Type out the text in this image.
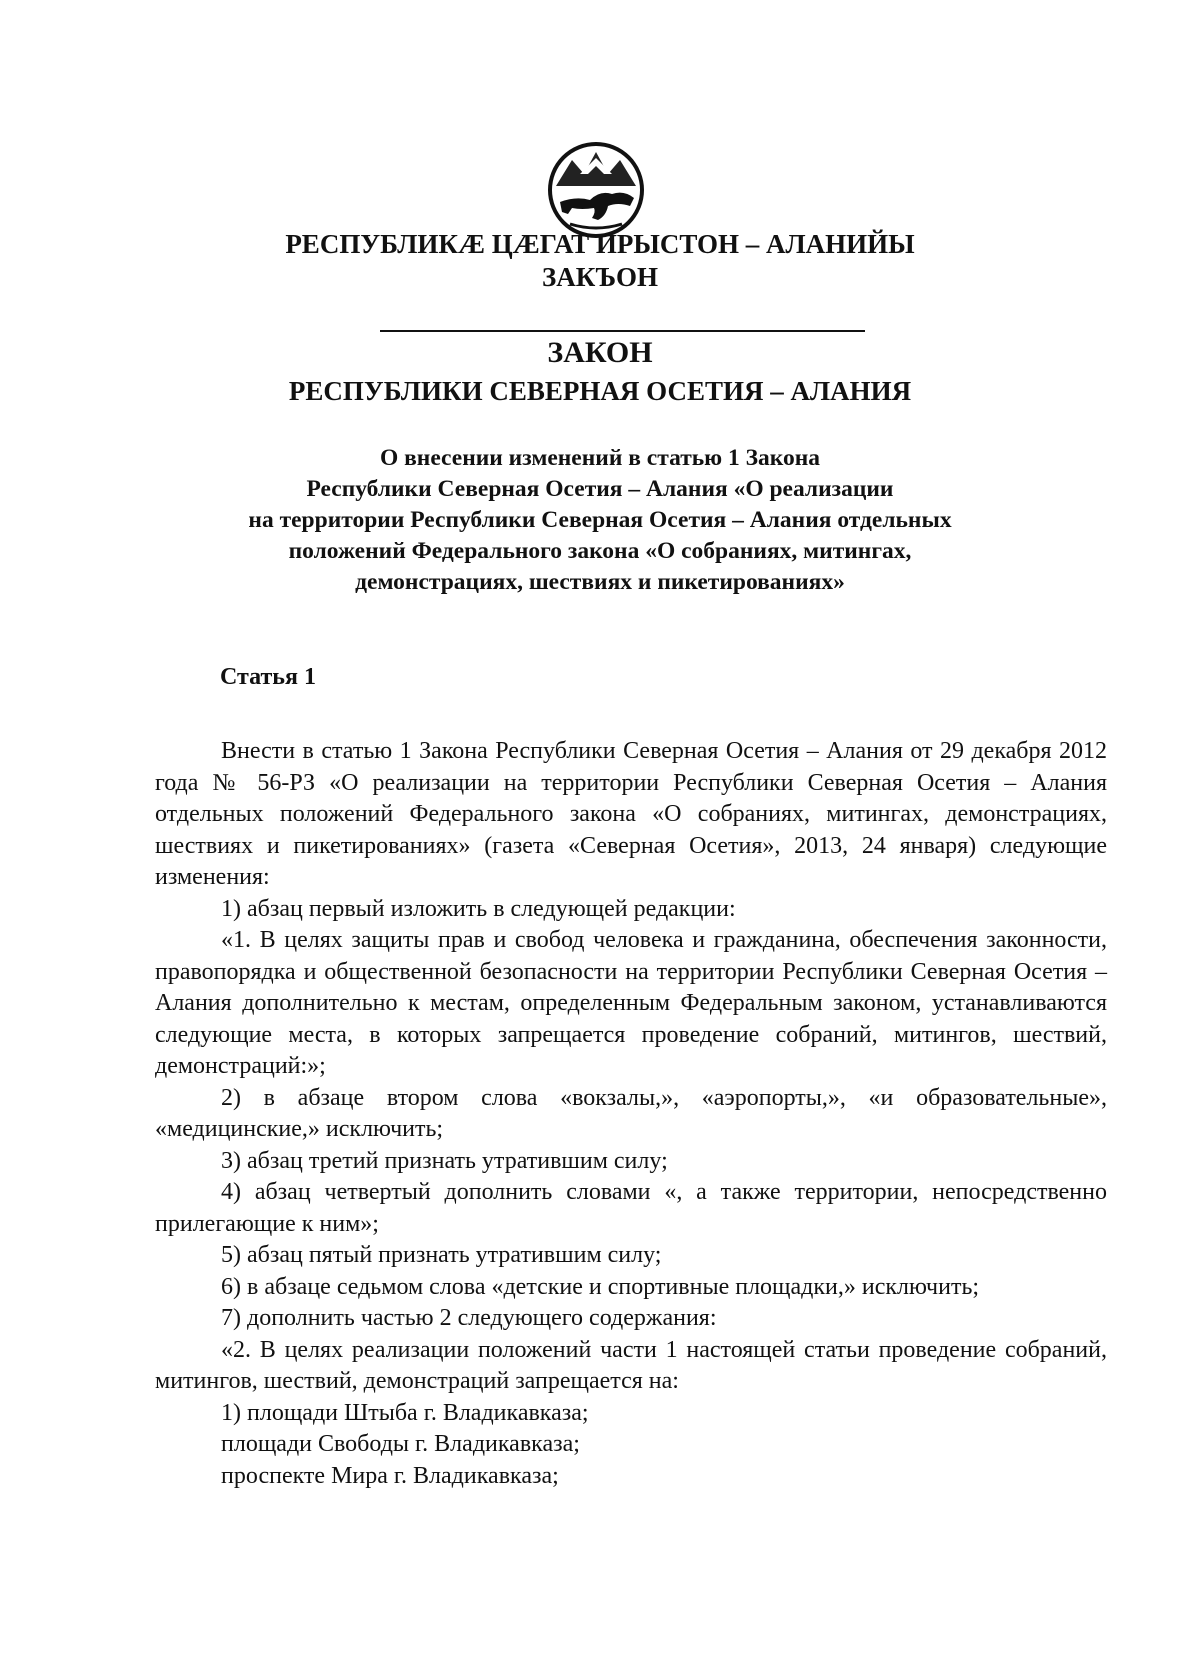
РЕСПУБЛИКÆ ЦÆГАТ ИРЫСТОН – АЛАНИЙЫ
ЗАКЪОН
ЗАКОН
РЕСПУБЛИКИ СЕВЕРНАЯ ОСЕТИЯ – АЛАНИЯ
О внесении изменений в статью 1 Закона
Республики Северная Осетия – Алания «О реализации
на территории Республики Северная Осетия – Алания отдельных
положений Федерального закона «О собраниях, митингах,
демонстрациях, шествиях и пикетированиях»
Статья 1

Внести в статью 1 Закона Республики Северная Осетия – Алания от 29 декабря 2012 года № 56-РЗ «О реализации на территории Республики Северная Осетия – Алания отдельных положений Федерального закона «О собраниях, митингах, демонстрациях, шествиях и пикетированиях» (газета «Северная Осетия», 2013, 24 января) следующие изменения:

1) абзац первый изложить в следующей редакции:

«1. В целях защиты прав и свобод человека и гражданина, обеспечения законности, правопорядка и общественной безопасности на территории Республики Северная Осетия – Алания дополнительно к местам, определенным Федеральным законом, устанавливаются следующие места, в которых запрещается проведение собраний, митингов, шествий, демонстраций:»;

2) в абзаце втором слова «вокзалы,», «аэропорты,», «и образовательные», «медицинские,» исключить;

3) абзац третий признать утратившим силу;

4) абзац четвертый дополнить словами «, а также территории, непосредственно прилегающие к ним»;

5) абзац пятый признать утратившим силу;

6) в абзаце седьмом слова «детские и спортивные площадки,» исключить;

7) дополнить частью 2 следующего содержания:

«2. В целях реализации положений части 1 настоящей статьи проведение собраний, митингов, шествий, демонстраций запрещается на:

1) площади Штыба г. Владикавказа;

площади Свободы г. Владикавказа;

проспекте Мира г. Владикавказа;
